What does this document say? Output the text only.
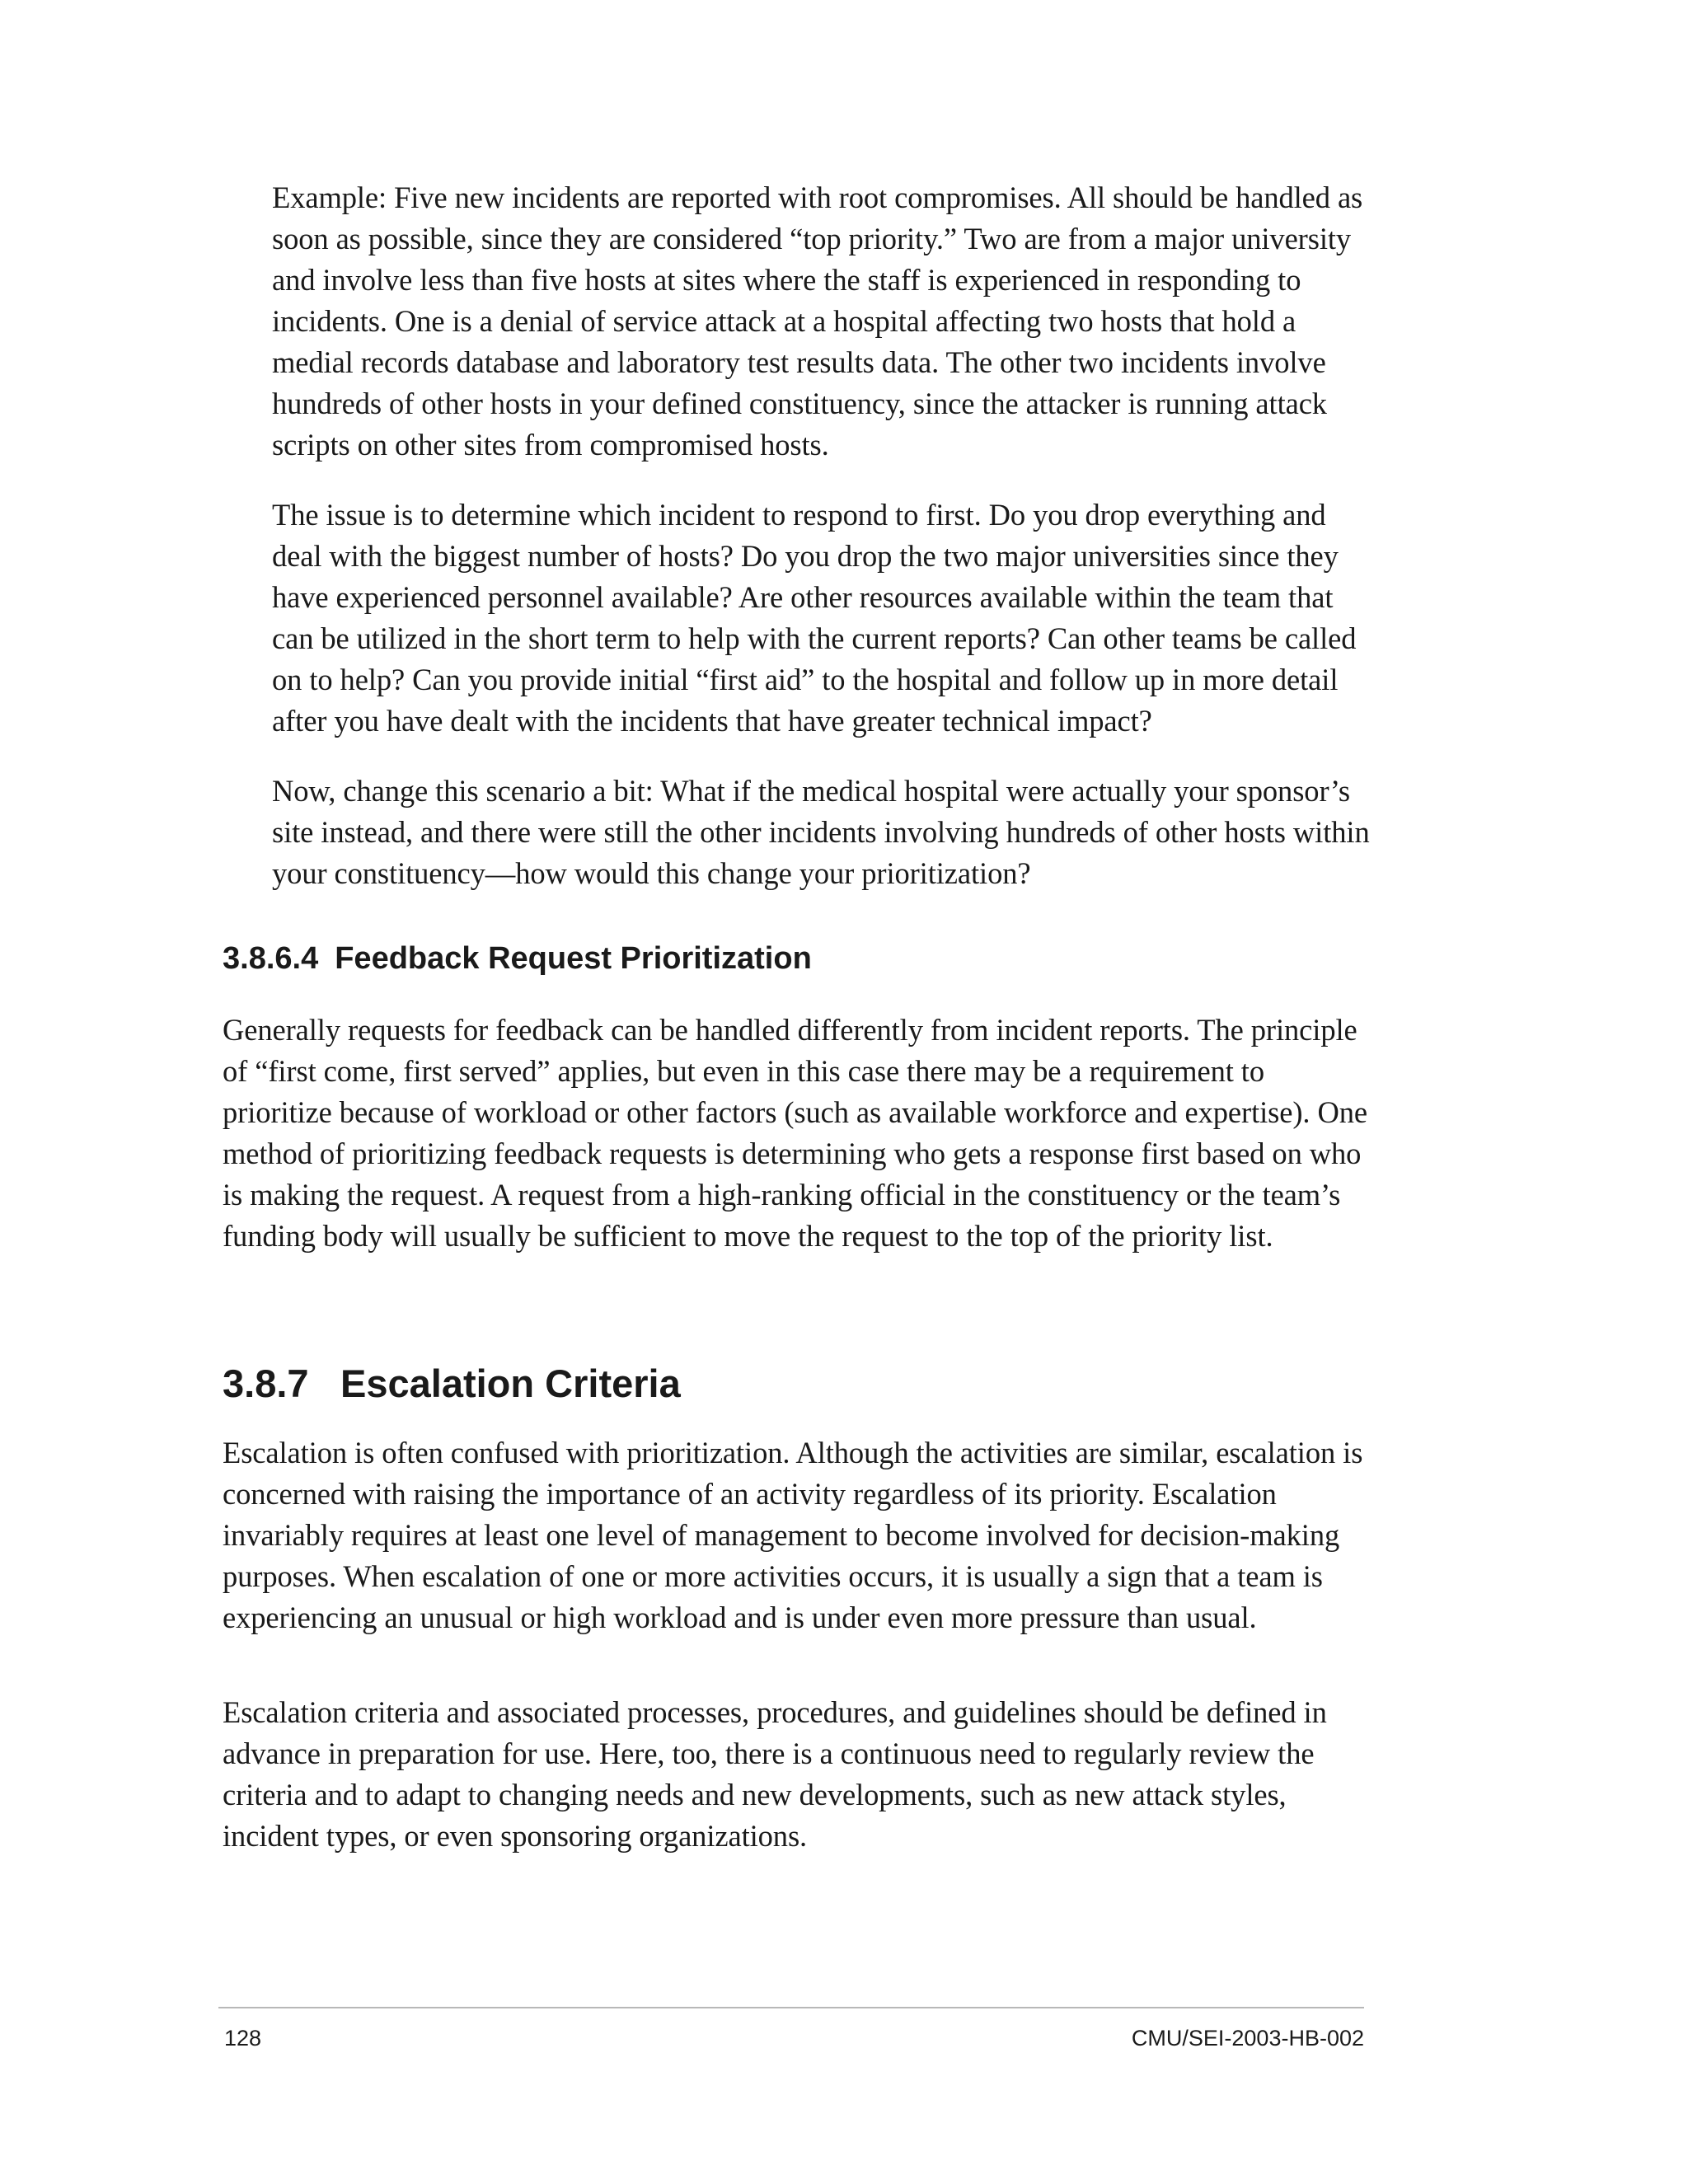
Example: Five new incidents are reported with root compromises. All should be handled as soon as possible, since they are considered “top priority.” Two are from a major university and involve less than five hosts at sites where the staff is experienced in responding to incidents. One is a denial of service attack at a hospital affecting two hosts that hold a medial records database and laboratory test results data. The other two incidents involve hundreds of other hosts in your defined constituency, since the attacker is running attack scripts on other sites from compromised hosts.

The issue is to determine which incident to respond to first. Do you drop everything and deal with the biggest number of hosts? Do you drop the two major universities since they have experienced personnel available? Are other resources available within the team that can be utilized in the short term to help with the current reports? Can other teams be called on to help? Can you provide initial “first aid” to the hospital and follow up in more detail after you have dealt with the incidents that have greater technical impact?

Now, change this scenario a bit: What if the medical hospital were actually your sponsor’s site instead, and there were still the other incidents involving hundreds of other hosts within your constituency—how would this change your prioritization?

3.8.6.4 Feedback Request Prioritization

Generally requests for feedback can be handled differently from incident reports. The principle of “first come, first served” applies, but even in this case there may be a requirement to prioritize because of workload or other factors (such as available workforce and expertise). One method of prioritizing feedback requests is determining who gets a response first based on who is making the request. A request from a high-ranking official in the constituency or the team’s funding body will usually be sufficient to move the request to the top of the priority list.

3.8.7 Escalation Criteria

Escalation is often confused with prioritization. Although the activities are similar, escalation is concerned with raising the importance of an activity regardless of its priority. Escalation invariably requires at least one level of management to become involved for decision-making purposes. When escalation of one or more activities occurs, it is usually a sign that a team is experiencing an unusual or high workload and is under even more pressure than usual.

Escalation criteria and associated processes, procedures, and guidelines should be defined in advance in preparation for use. Here, too, there is a continuous need to regularly review the criteria and to adapt to changing needs and new developments, such as new attack styles, incident types, or even sponsoring organizations.

128	CMU/SEI-2003-HB-002
